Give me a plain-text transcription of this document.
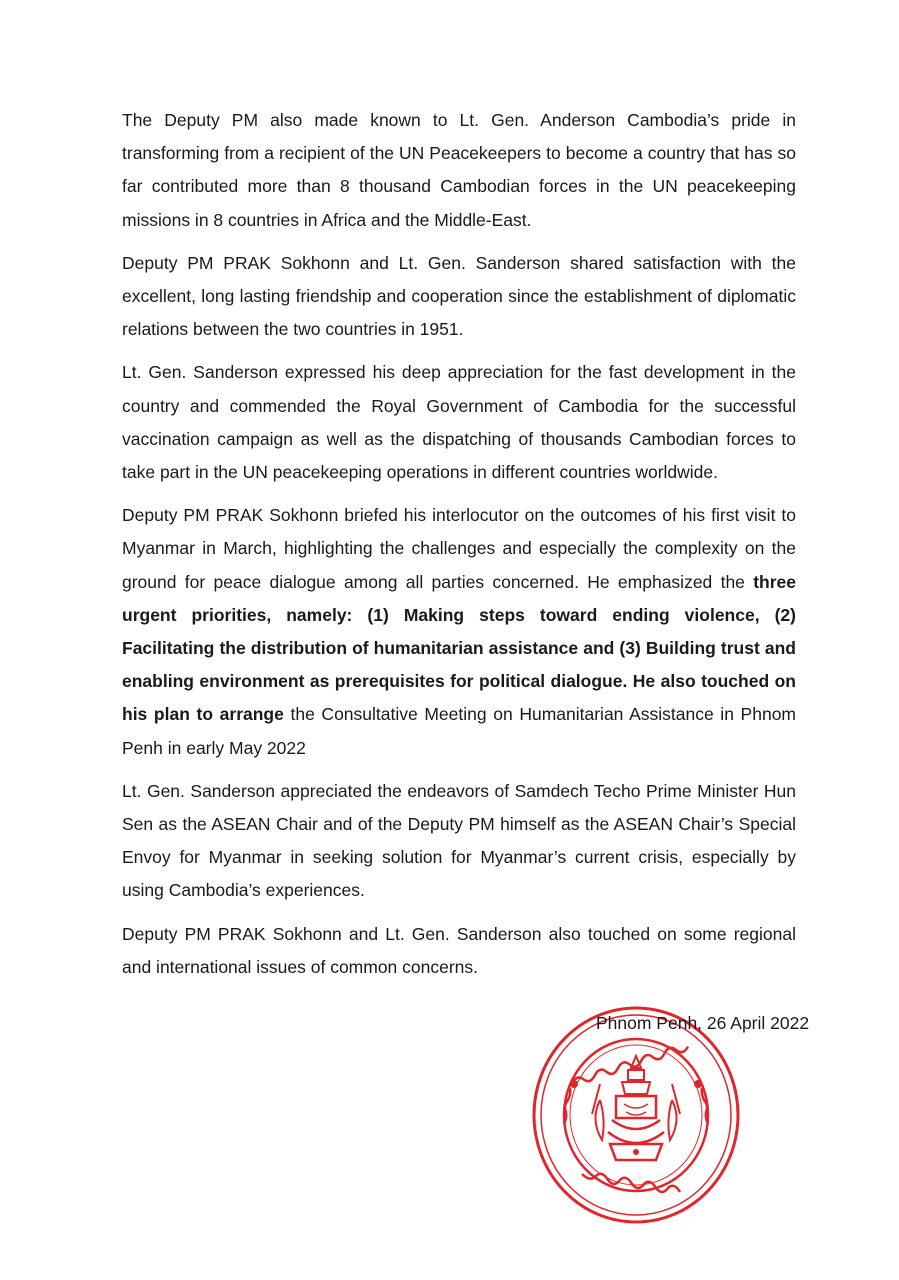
The Deputy PM also made known to Lt. Gen. Anderson Cambodia’s pride in transforming from a recipient of the UN Peacekeepers to become a country that has so far contributed more than 8 thousand Cambodian forces in the UN peacekeeping missions in 8 countries in Africa and the Middle-East.

Deputy PM PRAK Sokhonn and Lt. Gen. Sanderson shared satisfaction with the excellent, long lasting friendship and cooperation since the establishment of diplomatic relations between the two countries in 1951.

Lt. Gen. Sanderson expressed his deep appreciation for the fast development in the country and commended the Royal Government of Cambodia for the successful vaccination campaign as well as the dispatching of thousands Cambodian forces to take part in the UN peacekeeping operations in different countries worldwide.

Deputy PM PRAK Sokhonn briefed his interlocutor on the outcomes of his first visit to Myanmar in March, highlighting the challenges and especially the complexity on the ground for peace dialogue among all parties concerned. He emphasized the three urgent priorities, namely: (1) Making steps toward ending violence, (2) Facilitating the distribution of humanitarian assistance and (3) Building trust and enabling environment as prerequisites for political dialogue. He also touched on his plan to arrange the Consultative Meeting on Humanitarian Assistance in Phnom Penh in early May 2022

Lt. Gen. Sanderson appreciated the endeavors of Samdech Techo Prime Minister Hun Sen as the ASEAN Chair and of the Deputy PM himself as the ASEAN Chair’s Special Envoy for Myanmar in seeking solution for Myanmar’s current crisis, especially by using Cambodia’s experiences.

Deputy PM PRAK Sokhonn and Lt. Gen. Sanderson also touched on some regional and international issues of common concerns.

Phnom Penh, 26 April 2022
